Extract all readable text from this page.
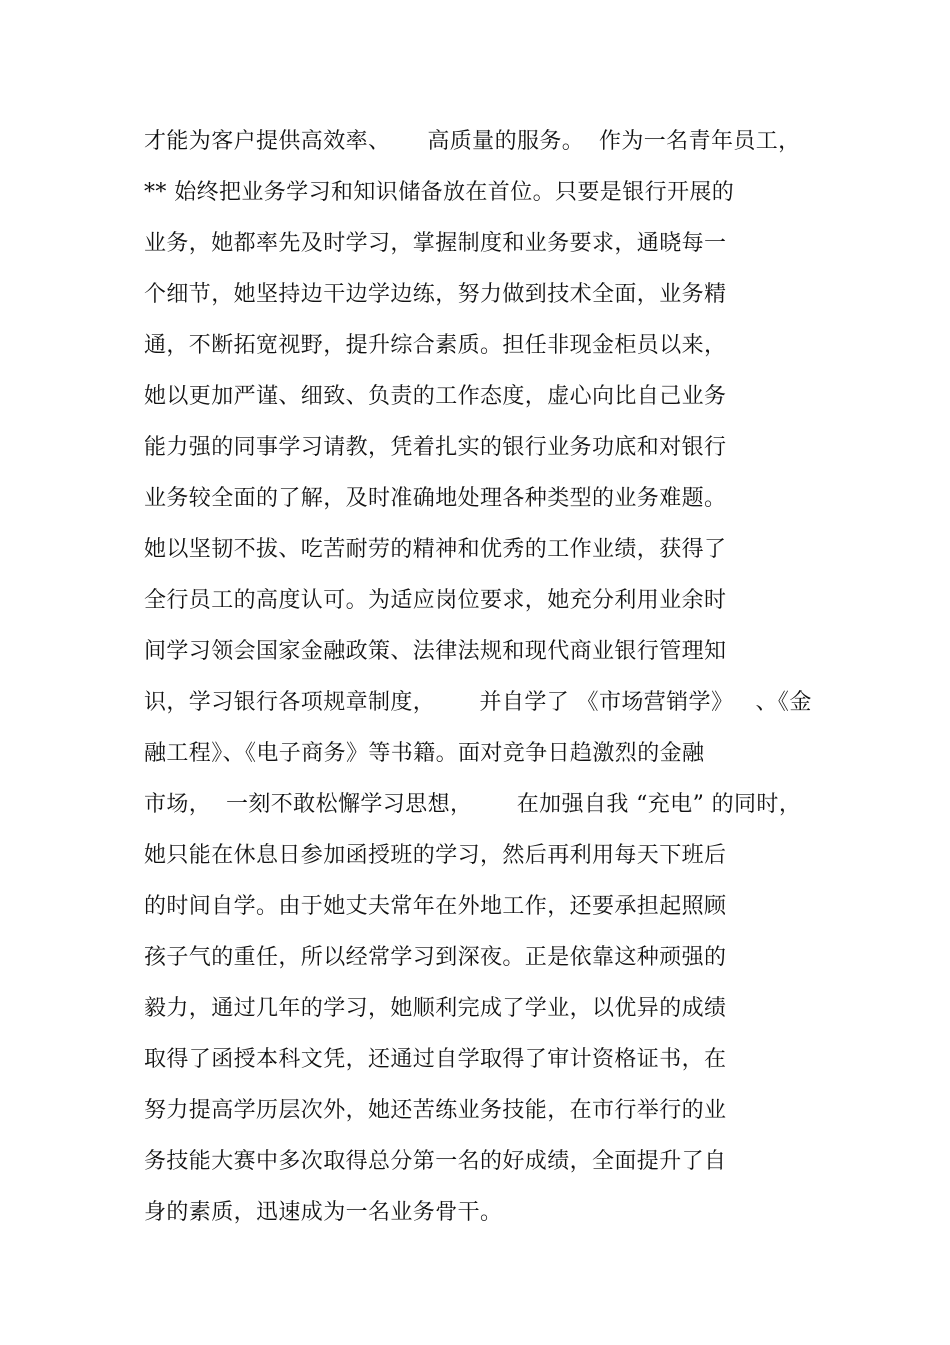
才能为客户提供高效率、     高质量的服务。  作为一名青年员工，
** 始终把业务学习和知识储备放在首位。只要是银行开展的
业务，她都率先及时学习，掌握制度和业务要求，通晓每一
个细节，她坚持边干边学边练，努力做到技术全面，业务精
通，不断拓宽视野，提升综合素质。担任非现金柜员以来，
她以更加严谨、细致、负责的工作态度，虚心向比自己业务
能力强的同事学习请教，凭着扎实的银行业务功底和对银行
业务较全面的了解，及时准确地处理各种类型的业务难题。
她以坚韧不拔、吃苦耐劳的精神和优秀的工作业绩，获得了
全行员工的高度认可。为适应岗位要求，她充分利用业余时
间学习领会国家金融政策、法律法规和现代商业银行管理知
识，学习银行各项规章制度，      并自学了 《市场营销学》   、《金
融工程》、《电子商务》等书籍。面对竞争日趋激烈的金融
市场，  一刻不敢松懈学习思想，      在加强自我 “充电” 的同时，
她只能在休息日参加函授班的学习，然后再利用每天下班后
的时间自学。由于她丈夫常年在外地工作，还要承担起照顾
孩子气的重任，所以经常学习到深夜。正是依靠这种顽强的
毅力，通过几年的学习，她顺利完成了学业，以优异的成绩
取得了函授本科文凭，还通过自学取得了审计资格证书，在
努力提高学历层次外，她还苦练业务技能，在市行举行的业
务技能大赛中多次取得总分第一名的好成绩，全面提升了自
身的素质，迅速成为一名业务骨干。
